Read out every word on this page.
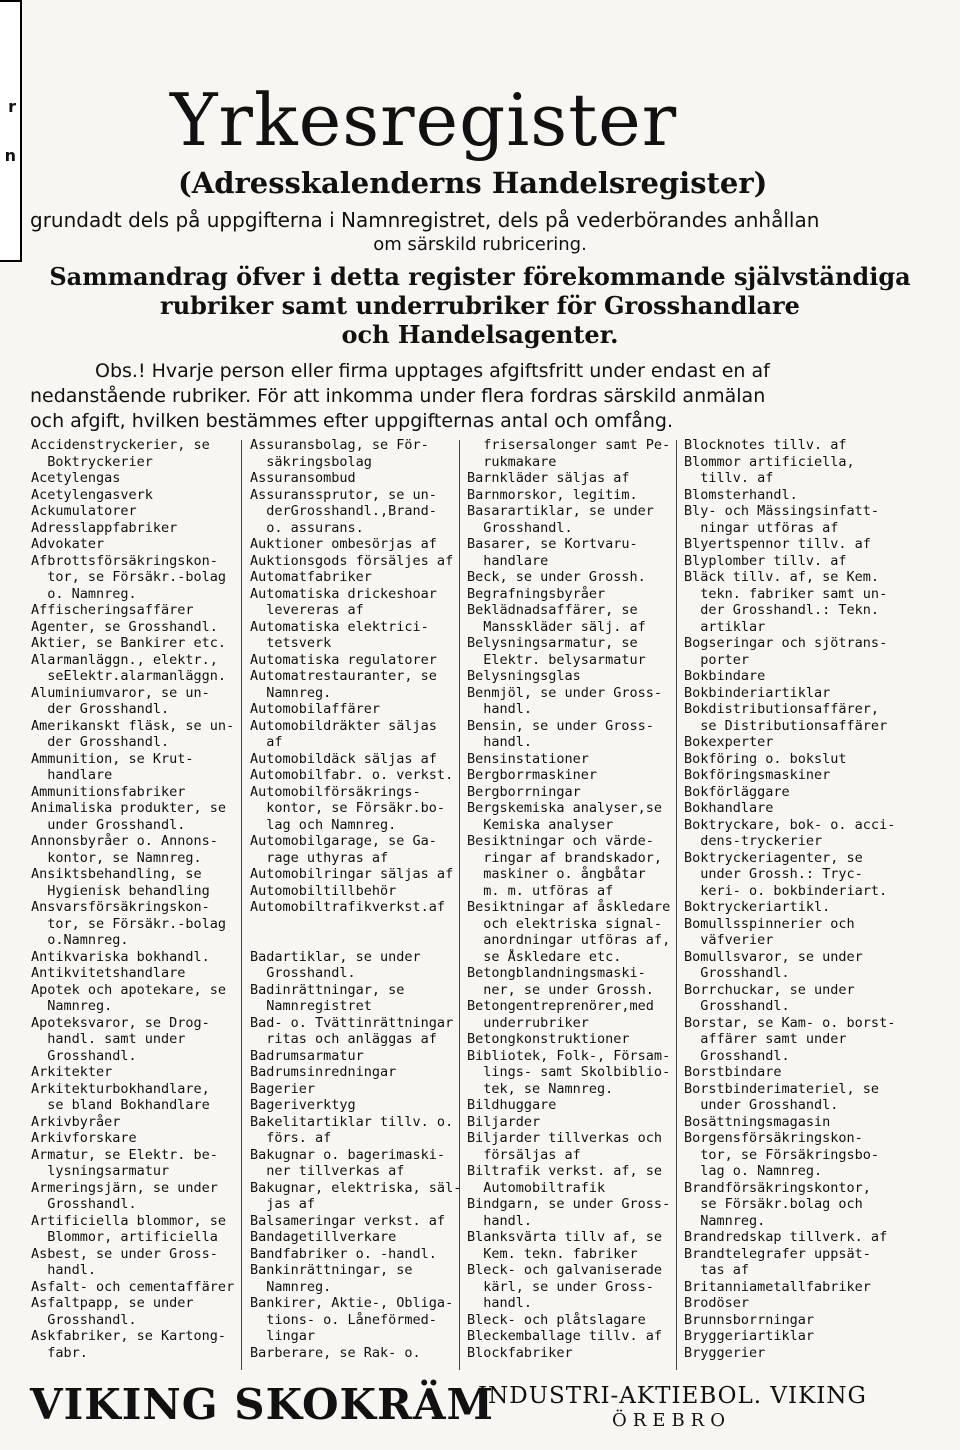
r
n Yrkesregister
(Adresskalenderns Handelsregister)
grundadt dels på uppgifterna i Namnregistret, dels på vederbörandes anhållan
om särskild rubricering.
Sammandrag öfver i detta register förekommande självständiga
rubriker samt underrubriker för Grosshandlare
och Handelsagenter.
Obs.! Hvarje person eller firma upptages afgiftsfritt under endast en af
nedanstående rubriker. För att inkomma under flera fordras särskild anmälan
och afgift, hvilken bestämmes efter uppgifternas antal och omfång.
Accidenstryckerier, se
Boktryckerier
Acetylengas
Acetylengasverk
Ackumulatorer
Adresslappfabriker
Advokater
Afbrottsförsäkringskon-
tor, se Försäkr.-bolag
o. Namnreg.
Affischeringsaffärer
Agenter, se Grosshandl.
Aktier, se Bankirer etc.
Alarmanläggn., elektr.,
seElektr.alarmanläggn.
Aluminiumvaror, se un-
der Grosshandl.
Amerikanskt fläsk, se un-
der Grosshandl.
Ammunition, se Krut-
handlare
Ammunitionsfabriker
Animaliska produkter, se
under Grosshandl.
Annonsbyråer o. Annons-
kontor, se Namnreg.
Ansiktsbehandling, se
Hygienisk behandling
Ansvarsförsäkringskon-
tor, se Försäkr.-bolag
o.Namnreg.
Antikvariska bokhandl.
Antikvitetshandlare
Apotek och apotekare, se
Namnreg.
Apoteksvaror, se Drog-
handl. samt under
Grosshandl.
Arkitekter
Arkitekturbokhandlare,
se bland Bokhandlare
Arkivbyråer
Arkivforskare
Armatur, se Elektr. be-
lysningsarmatur
Armeringsjärn, se under
Grosshandl.
Artificiella blommor, se
Blommor, artificiella
Asbest, se under Gross-
handl.
Asfalt- och cementaffärer
Asfaltpapp, se under
Grosshandl.
Askfabriker, se Kartong-
fabr.
Assuransbolag, se För-
säkringsbolag
Assuransombud
Assuranssprutor, se un-
derGrosshandl.,Brand-
o. assurans.
Auktioner ombesörjas af
Auktionsgods försäljes af
Automatfabriker
Automatiska drickeshoar
levereras af
Automatiska elektrici-
tetsverk
Automatiska regulatorer
Automatrestauranter, se
Namnreg.
Automobilaffärer
Automobildräkter säljas
af
Automobildäck säljas af
Automobilfabr. o. verkst.
Automobilförsäkrings-
kontor, se Försäkr.bo-
lag och Namnreg.
Automobilgarage, se Ga-
rage uthyras af
Automobilringar säljas af
Automobiltillbehör
Automobiltrafikverkst.af

Badartiklar, se under
Grosshandl.
Badinrättningar, se
Namnregistret
Bad- o. Tvättinrättningar
ritas och anläggas af
Badrumsarmatur
Badrumsinredningar
Bagerier
Bageriverktyg
Bakelitartiklar tillv. o.
förs. af
Bakugnar o. bagerimaski-
ner tillverkas af
Bakugnar, elektriska, säl-
jas af
Balsameringar verkst. af
Bandagetillverkare
Bandfabriker o. -handl.
Bankinrättningar, se
Namnreg.
Bankirer, Aktie-, Obliga-
tions- o. Låneförmed-
lingar
Barberare, se Rak- o.
frisersalonger samt Pe-
rukmakare
Barnkläder säljas af
Barnmorskor, legitim.
Basarartiklar, se under
Grosshandl.
Basarer, se Kortvaru-
handlare
Beck, se under Grossh.
Begrafningsbyråer
Beklädnadsaffärer, se
Mansskläder sälj. af
Belysningsarmatur, se
Elektr. belysarmatur
Belysningsglas
Benmjöl, se under Gross-
handl.
Bensin, se under Gross-
handl.
Bensinstationer
Bergborrmaskiner
Bergborrningar
Bergskemiska analyser,se
Kemiska analyser
Besiktningar och värde-
ringar af brandskador,
maskiner o. ångbåtar
m. m. utföras af
Besiktningar af åskledare
och elektriska signal-
anordningar utföras af,
se Åskledare etc.
Betongblandningsmaski-
ner, se under Grossh.
Betongentreprenörer,med
underrubriker
Betongkonstruktioner
Bibliotek, Folk-, Försam-
lings- samt Skolbiblio-
tek, se Namnreg.
Bildhuggare
Biljarder
Biljarder tillverkas och
försäljas af
Biltrafik verkst. af, se
Automobiltrafik
Bindgarn, se under Gross-
handl.
Blanksvärta tillv af, se
Kem. tekn. fabriker
Bleck- och galvaniserade
kärl, se under Gross-
handl.
Bleck- och plåtslagare
Bleckemballage tillv. af
Blockfabriker
Blocknotes tillv. af
Blommor artificiella,
tillv. af
Blomsterhandl.
Bly- och Mässingsinfatt-
ningar utföras af
Blyertspennor tillv. af
Blyplomber tillv. af
Bläck tillv. af, se Kem.
tekn. fabriker samt un-
der Grosshandl.: Tekn.
artiklar
Bogseringar och sjötrans-
porter
Bokbindare
Bokbinderiartiklar
Bokdistributionsaffärer,
se Distributionsaffärer
Bokexperter
Bokföring o. bokslut
Bokföringsmaskiner
Bokförläggare
Bokhandlare
Boktryckare, bok- o. acci-
dens-tryckerier
Boktryckeriagenter, se
under Grossh.: Tryc-
keri- o. bokbinderiart.
Boktryckeriartikl.
Bomullsspinnerier och
väfverier
Bomullsvaror, se under
Grosshandl.
Borrchuckar, se under
Grosshandl.
Borstar, se Kam- o. borst-
affärer samt under
Grosshandl.
Borstbindare
Borstbinderimateriel, se
under Grosshandl.
Bosättningsmagasin
Borgensförsäkringskon-
tor, se Försäkringsbo-
lag o. Namnreg.
Brandförsäkringskontor,
se Försäkr.bolag och
Namnreg.
Brandredskap tillverk. af
Brandtelegrafer uppsät-
tas af
Britanniametallfabriker
Brodöser
Brunnsborrningar
Bryggeriartiklar
Bryggerier
VIKING SKOKRÄM
INDUSTRI-AKTIEBOL. VIKING
ÖREBRO
